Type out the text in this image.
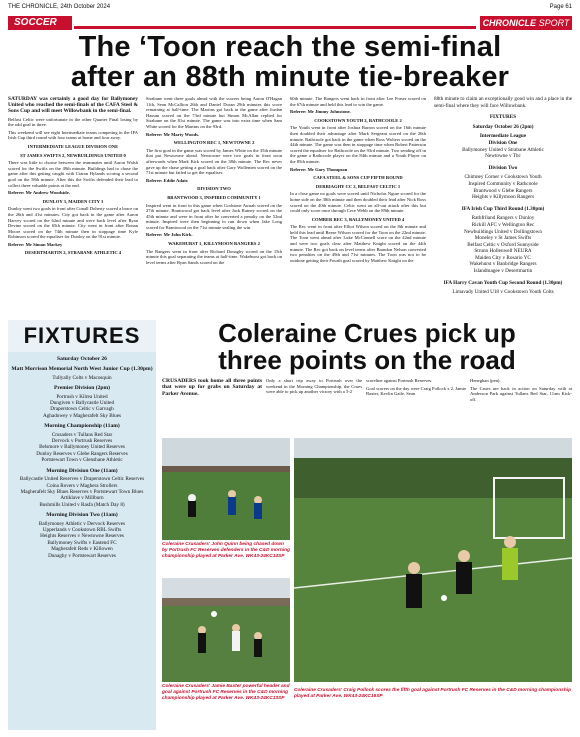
THE CHRONICLE, 24th October 2024	Page 61
SOCCER	CHRONICLE SPORT
The ‘Toon reach the semi-final
after an 88th minute tie-breaker

SATURDAY was certainly a good day for Ballymoney United who reached the semi-finals of the CAFA Steel & Sons Cup and will meet Willowbank in the semi-final.

Belfast Celtic were unfortunate in the other Quarter Final losing by the odd goal in three.

This weekend will see eight Intermediate teams competing in the IFA Irish Cup third round with four teams at home and four away.

INTERMEDIATE LEAGUE DIVISION ONE
ST JAMES SWIFTS 2, NEWBUILDINGS UNITED 0

There was little to choose between the teammates until Aaron Walsh scored for the Swifts on the 49th minute. Buildings had to chase the game after this getting caught with Ciaran Hylands scoring a second goal on the 58th minute. After this the Swifts defended their lead to collect three valuable points at the end.

Referee: Mr Andrew Woodside.

DUNLOY 3, MAIDEN CITY 3

Dunloy went two goals in front after Conall Doherty scored a brace on the 26th and 41st minutes. City got back in the game after Aaron Harvey scored on the 62nd minute and were back level after Ryan Devine scored on the 65th minute. City went in front after Ronan Moore scored on the 74th minute then in stoppage time Kyle Robinson scored the equaliser for Dunloy on the 91st minute.

Referee: Mr Simon Mackey

DESERTMARTIN 2, STRABANE ATHLETIC 4

Strabane went three goals ahead with the scorers being Aaron O'Hagan 11th, Sean McCallion 26th and Daniel Doran 29th minutes this score remaining at half-time. The Martins got back in the game after Jordan Hassan scored on the 73rd minute but Simon McAllan replied for Strabane on the 81st minute. The game was into extra time when Sam White scored for the Martins on the 93rd.

Referee: Mr Marty Woods.

WELLINGTON REC 1, NEWTOWNE 2

The first goal in the game was scored by James White on the 35th minute that put Newtowne ahead. Newtowne were two goals in front soon afterwards when Mark Kirk scored on the 38th minute. The Rec never gave up the chase getting a goal back after Gary Wollemen scored on the 71st minute but failed to get the equaliser.

Referee: Eddie Adair.

DIVISION TWO
BRANTWOOD 3, INSPIRED COMMUNITY 1

Inspired went in front in this game when Godstone Awuah scored on the 27th minute. Brantwood got back level after Jack Rainey scored on the 45th minute and were in front after he converted a penalty on the 52nd minute. Inspired were then beginning to run down when Jake Long scored for Brantwood on the 71st minute sealing the win.

Referee: Mr John Kirk.

WAKEHURST 1, KILLYMOON RANGERS 2

The Rangers went in front after Richard Donaghy scored on the 15th minute this goal separating the teams at half-time. Wakehurst got back on level terms after Ryan Sands scored on the

60th minute. The Rangers went back in front after Lee Fraser scored on the 67th minute and held this lead to win the game.

Referee: Mr Jimmy Johnstone.

COOKSTOWN YOUTH 2, RATHCOOLE 2

The Youth went in front after Joshua Barron scored on the 16th minute then doubled their advantage after Mark Sergeant scored on the 26th minute. Rathcoole got back in the game when Ross Wolters scored on the 44th minute. The game was then in stoppage time when Robert Patterson scored the equaliser for Rathcoole on the 93rd minute. Two sending off in the game a Rathcoole player on the 84th minute and a Youth Player on the 85th minute.

Referee: Mr Gary Thompson

CAFA STEEL & SONS CUP FIFTH ROUND
DERRIAGHY CC 2, BELFAST CELTIC 1

In a close game no goals were scored until Nicholas Ngure scored for the home side on the 38th minute and then doubled their lead after Nick Ross scored on the 40th minute. Celtic went on all-out attack after this but could only score once through Cece Webb on the 89th minute.

COMBER REC 3, BALLYMONEY UNITED 4

The Rec went in front after Elliot Wilson scored on the 8th minute and held this lead until Reese Wilson scored for the Toon on the 22nd minute. The Toon went ahead after Luke McConnell score on the 42nd minute and were two goals clear after Matthew Knight scored on the 44th minute. The Rec got back on level terms after Brandon Nelson converted two penalties on the 49th and 71st minutes. The Toon was not to be outdone getting their Fourth goal scored by Matthew Knight on the

88th minute to claim an exceptionally good win and a place in the semi-final where they will face Willowbank.

FIXTURES
Saturday October 26 (2pm)
Intermediate League
Division One
Ballymoney United v Strabane Athletic
Newtowne v Tbc
Division Two
Chimney Corner v Cookstown Youth
Inspired Community v Rathcoole
Brantwood v Glebe Rangers
Heights v Killymoon Rangers
IFA Irish Cup Third Round (1.30pm)
Rathfriland Rangers v Dunloy
Rickill AFC v Wellington Rec
Newbuildings United v Dollingstown
Moneley v St James Swifts
Belfast Celtic v Oxford Sunnyside
Strunn Hollenwell NEURA
Maiden City v Rosario YC
Wakehurst v Banbridge Rangers
Islandmagee v Desertmartin
IFA Harry Cavan Youth Cup Second Round (1.30pm)
Limavady United U18 v Cookstown Youth Colts
FIXTURES
Saturday October 26
Matt Morrison Memorial North West Junior Cup (1.30pm)

Tullyally Colts v Macosquin

Premier Division (2pm)

Portrush v Kilrea United

Dungiven v Ballycastle United

Draperstown Celtic v Garvagh

Aghadowey v Magherafelt Sky Blues

Morning Championship (11am)

Crusaders v Tullans Red Star

Dervock v Portrush Reserves

Belsmore v Ballymoney United Reserves

Dunloy Reserves v Glebe Rangers Reserves

Portstewart Town v Glenshane Athletic

Morning Division One (11am)

Ballycastle United Reserves v Draperstown Celtic Reserves

Coina Rovers v Maghera Strollers

Magherafelt Sky Blues Reserves v Portstewart Town Blues

Artiklave v Millburn

Bushmills United v Rasfa (Match Day 8)

Morning Division Two (11am)

Ballymoney Athletic v Dervock Reserves

Upperlands v Cookstown RBL Swifts

Heights Reserves v Newtowne Reserves

Ballymoney Swifts v Eastend FC

Magherafelt Reds v Killowen

Dunaghy v Portstewart Reserves

Coleraine Crues pick up
three points on the road

CRUSADERS took home all three points that were up for grabs on Saturday at Parker Avenue.

Only a short trip away to Portrush over the weekend in the Morning Championship, the Crues were able to pick up another victory with a 5-2

scoreline against Portrush Reserves.

Goal scorers on the day were Craig Pollock x 2, Jamie Baxter, Kevlin Gaile, Sean

Heneghan (pen).

The Crues are back in action on Saturday with at Anderson Park against Tullans Red Star, 11am Kick-off.

Coleraine Crusaders' John Quinn being chased down by Portrush FC Reserves defenders in the C&D morning championship played at Parker Ave. WK43-24KC14SP
Coleraine Crusaders' Jamie Baxter powerful header and goal against Portrush FC Reserves in the C&D morning championship played at Parker Ave. WK43-24KC13SP
Coleraine Crusaders' Craig Pollock scores the fifth goal against Portrush FC Reserves in the C&D morning championship played at Parker Ave. WK43-24KC16SP
